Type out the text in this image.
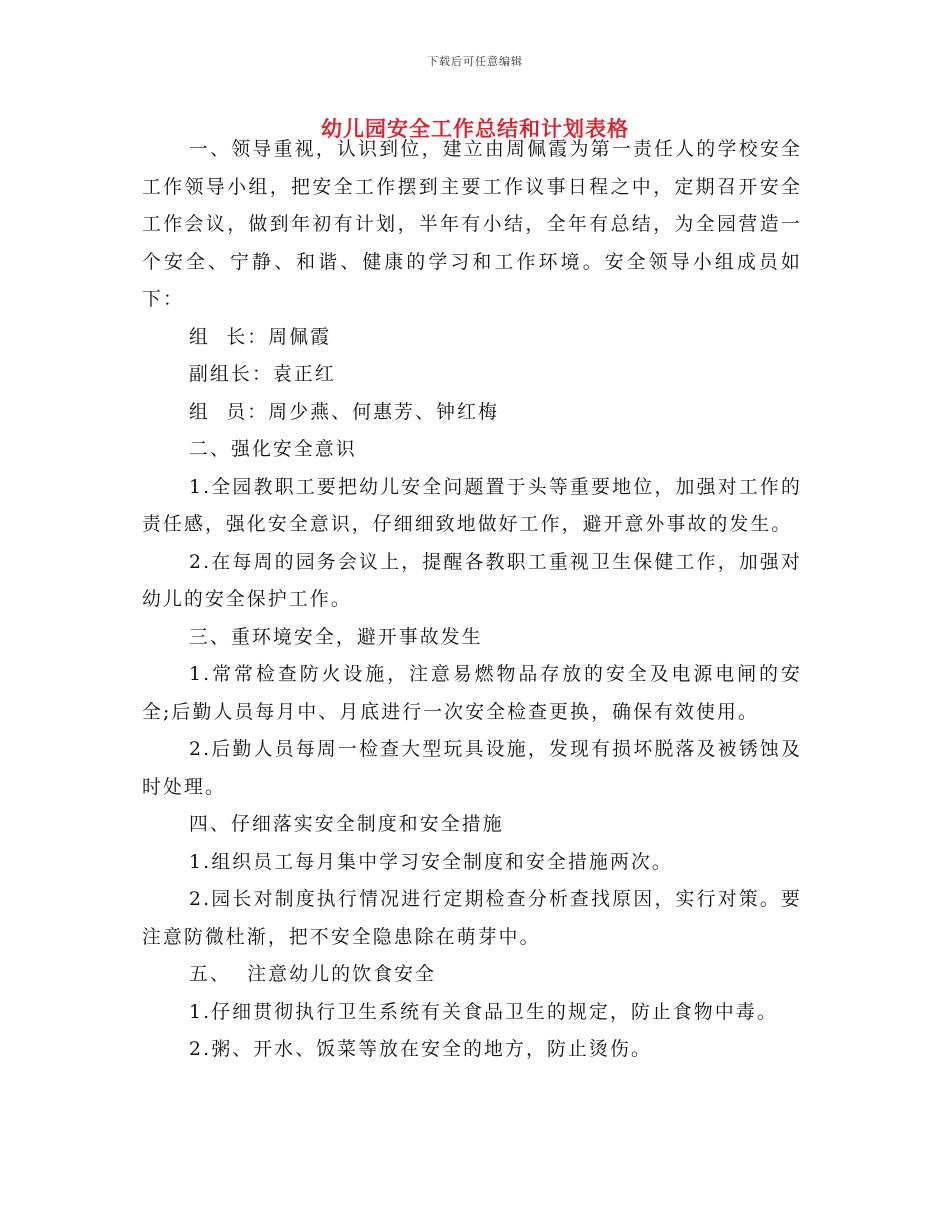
下载后可任意编辑
幼儿园安全工作总结和计划表格

一、领导重视，认识到位，建立由周佩霞为第一责任人的学校安全工作领导小组，把安全工作摆到主要工作议事日程之中，定期召开安全工作会议，做到年初有计划，半年有小结，全年有总结，为全园营造一个安全、宁静、和谐、健康的学习和工作环境。安全领导小组成员如下：

组  长：周佩霞

副组长：袁正红

组  员：周少燕、何惠芳、钟红梅

二、强化安全意识

1.全园教职工要把幼儿安全问题置于头等重要地位，加强对工作的责任感，强化安全意识，仔细细致地做好工作，避开意外事故的发生。

2.在每周的园务会议上，提醒各教职工重视卫生保健工作，加强对幼儿的安全保护工作。

三、重环境安全，避开事故发生

1.常常检查防火设施，注意易燃物品存放的安全及电源电闸的安全;后勤人员每月中、月底进行一次安全检查更换，确保有效使用。

2.后勤人员每周一检查大型玩具设施，发现有损坏脱落及被锈蚀及时处理。

四、仔细落实安全制度和安全措施

1.组织员工每月集中学习安全制度和安全措施两次。

2.园长对制度执行情况进行定期检查分析查找原因，实行对策。要注意防微杜渐，把不安全隐患除在萌芽中。

五、  注意幼儿的饮食安全

1.仔细贯彻执行卫生系统有关食品卫生的规定，防止食物中毒。

2.粥、开水、饭菜等放在安全的地方，防止烫伤。
